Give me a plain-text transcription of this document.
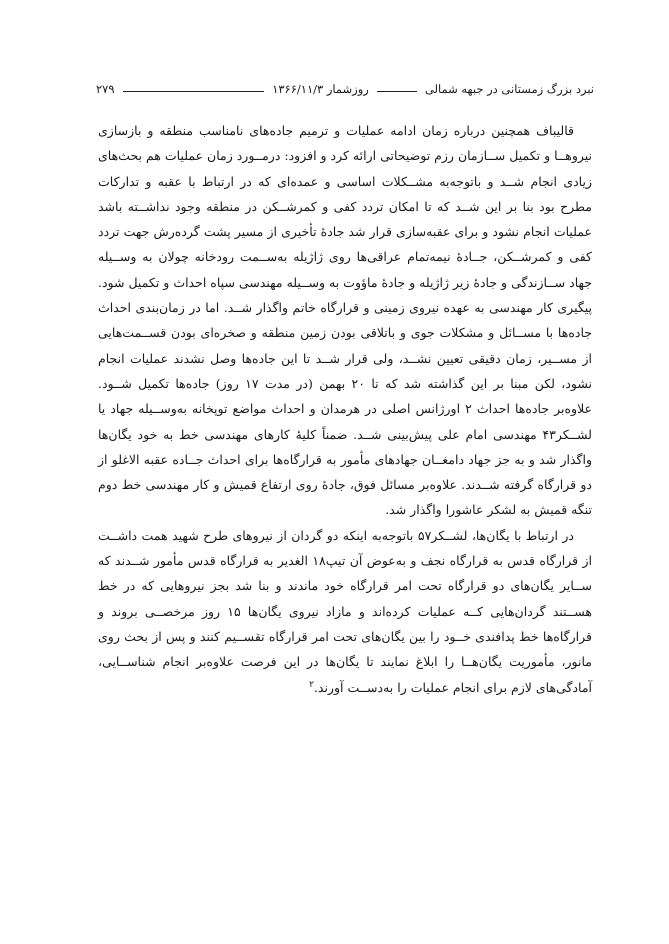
نبرد بزرگ زمستانی در جبهه شمالی
روزشمار ۱۳۶۶/۱۱/۳
۲۷۹

قالیباف همچنین درباره زمان ادامه عملیات و ترمیم جاده‌های نامناسب منطقه و بازسازی نیروهــا و تکمیل ســازمان رزم توضیحاتی ارائه کرد و افزود: درمــورد زمان عملیات هم بحث‌های زیادی انجام شــد و باتوجه‌به مشــکلات اساسی و عمده‌ای که در ارتباط با عقبه و تدارکات مطرح بود بنا بر این شــد که تا امکان تردد کفی و کمرشــکن در منطقه وجود نداشــته باشد عملیات انجام نشود و برای عقبه‌سازی قرار شد جادهٔ تأخیری از مسیر پشت گردەرش جهت تردد کفی و کمرشــکن، جــادهٔ نیمه‌تمام عراقی‌ها روی ژاژیله به‌ســمت رودخانه چولان به وســیله جهاد ســازندگی و جادهٔ زیر ژاژیله و جادهٔ ماؤوت به وســیله مهندسی سپاه احداث و تکمیل شود. پیگیری کار مهندسی به عهده نیروی زمینی و قرارگاه خاتم واگذار شــد. اما در زمان‌بندی احداث جاده‌ها با مســائل و مشکلات جوی و باتلاقی بودن زمین منطقه و صخره‌ای بودن قســمت‌هایی از مســیر، زمان دقیقی تعیین نشــد، ولی قرار شــد تا این جاده‌ها وصل نشدند عملیات انجام نشود، لکن مبنا بر این گذاشته شد که تا ۲۰ بهمن (در مدت ۱۷ روز) جاده‌ها تکمیل شــود. علاوه‌بر جاده‌ها احداث ۲ اورژانس اصلی در هرمدان و احداث مواضع توپخانه به‌وســیله جهاد یا لشــکر۴۳ مهندسی امام علی پیش‌بینی شــد. ضمناً کلیهٔ کارهای مهندسی خط به خود یگان‌ها واگذار شد و به جز جهاد دامغــان جهادهای مأمور به قرارگاه‌ها برای احداث جــاده عقبه الاغلو از دو قرارگاه گرفته شــدند. علاوه‌بر مسائل فوق، جادهٔ روی ارتفاع قمیش و کار مهندسی خط دوم تنگه قمیش به لشکر عاشورا واگذار شد.

در ارتباط با یگان‌ها، لشــکر۵۷ باتوجه‌به اینکه دو گردان از نیروهای طرح شهید همت داشــت از قرارگاه قدس به قرارگاه نجف و به‌عوض آن تیپ۱۸ الغدیر به قرارگاه قدس مأمور شــدند که ســایر یگان‌های دو قرارگاه تحت امر قرارگاه خود ماندند و بنا شد بجز نیروهایی که در خط هســتند گردان‌هایی کــه عملیات کرده‌اند و مازاد نیروی یگان‌ها ۱۵ روز مرخصــی بروند و قرارگاه‌ها خط پدافندی خــود را بین یگان‌های تحت امر قرارگاه تقســیم کنند و پس از بحث روی مانور، مأموریت یگان‌هــا را ابلاغ نمایند تا یگان‌ها در این فرصت علاوه‌بر انجام شناســایی، آمادگی‌های لازم برای انجام عملیات را به‌دســت آورند.$^۲$
